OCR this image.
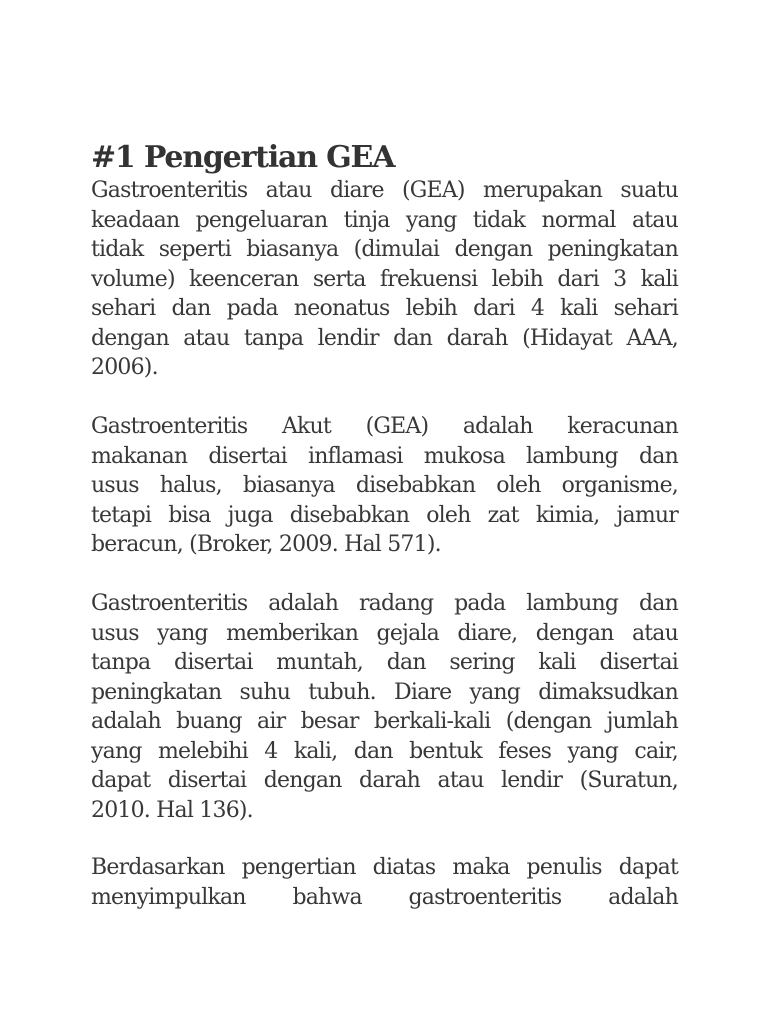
#1 Pengertian GEA
Gastroenteritis atau diare (GEA) merupakan suatu
keadaan pengeluaran tinja yang tidak normal atau
tidak seperti biasanya (dimulai dengan peningkatan
volume) keenceran serta frekuensi lebih dari 3 kali
sehari dan pada neonatus lebih dari 4 kali sehari
dengan atau tanpa lendir dan darah (Hidayat AAA,
2006).
Gastroenteritis Akut (GEA) adalah keracunan
makanan disertai inflamasi mukosa lambung dan
usus halus, biasanya disebabkan oleh organisme,
tetapi bisa juga disebabkan oleh zat kimia, jamur
beracun, (Broker, 2009. Hal 571).
Gastroenteritis adalah radang pada lambung dan
usus yang memberikan gejala diare, dengan atau
tanpa disertai muntah, dan sering kali disertai
peningkatan suhu tubuh. Diare yang dimaksudkan
adalah buang air besar berkali-kali (dengan jumlah
yang melebihi 4 kali, dan bentuk feses yang cair,
dapat disertai dengan darah atau lendir (Suratun,
2010. Hal 136).
Berdasarkan pengertian diatas maka penulis dapat
menyimpulkan bahwa gastroenteritis adalah
